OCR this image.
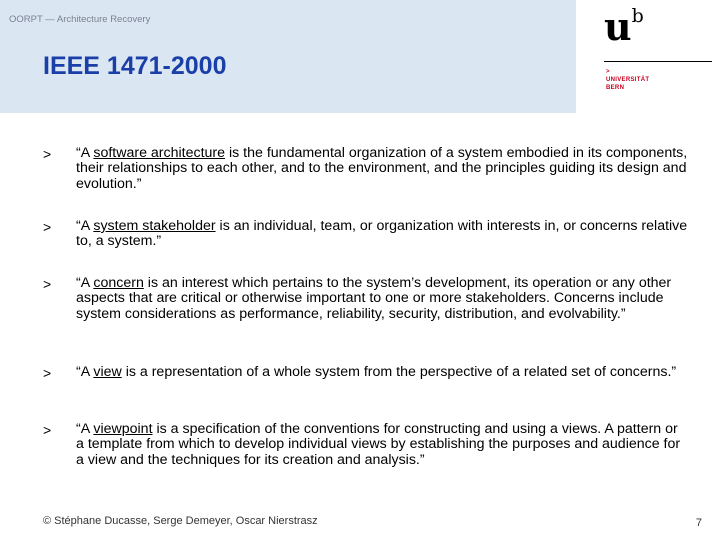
OORPT — Architecture Recovery
IEEE 1471-2000
$u^b$
>
UNIVERSITÄT
BERN
> “A software architecture is the fundamental organization of a system embodied in its components, their relationships to each other, and to the environment, and the principles guiding its design and evolution.”
> “A system stakeholder is an individual, team, or organization with interests in, or concerns relative to, a system.”
> “A concern is an interest which pertains to the system’s development, its operation or any other aspects that are critical or otherwise important to one or more stakeholders. Concerns include system considerations as performance, reliability, security, distribution, and evolvability.”
> “A view is a representation of a whole system from the perspective of a related set of concerns.”
> “A viewpoint is a specification of the conventions for constructing and using a views. A pattern or a template from which to develop individual views by establishing the purposes and audience for a view and the techniques for its creation and analysis.”
© Stéphane Ducasse, Serge Demeyer, Oscar Nierstrasz	7
